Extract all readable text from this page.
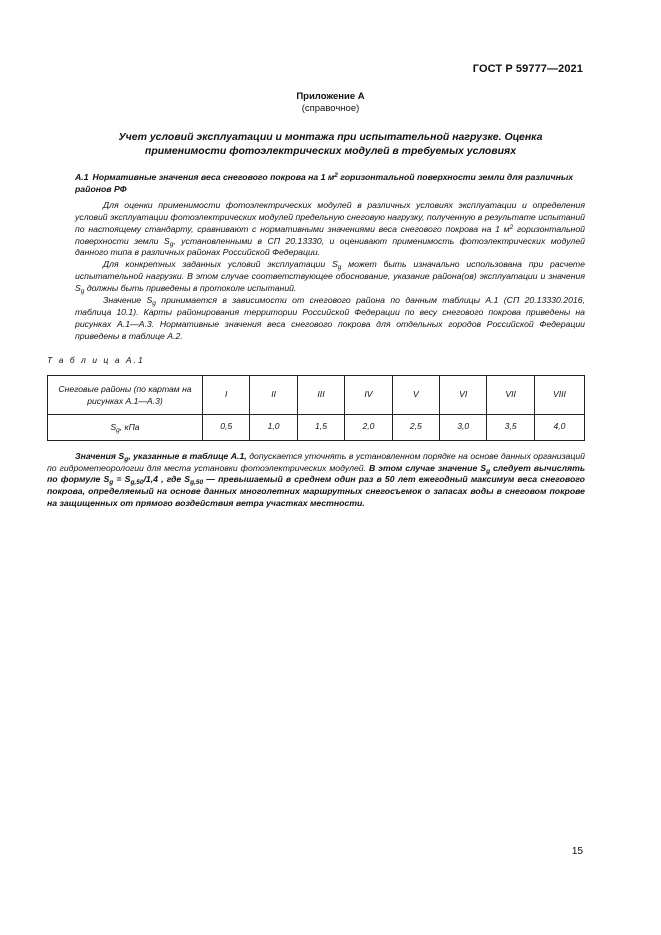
ГОСТ Р 59777—2021
Приложение А
(справочное)
Учет условий эксплуатации и монтажа при испытательной нагрузке. Оценка применимости фотоэлектрических модулей в требуемых условиях
А.1 Нормативные значения веса снегового покрова на 1 $м^2$ горизонтальной поверхности земли для различных районов РФ

Для оценки применимости фотоэлектрических модулей в различных условиях эксплуатации и определения условий эксплуатации фотоэлектрических модулей предельную снеговую нагрузку, полученную в результате испытаний по настоящему стандарту, сравнивают с нормативными значениями веса снегового покрова на 1 $м^2$ горизонтальной поверхности земли $S_g$, установленными в СП 20.13330, и оценивают применимость фотоэлектрических модулей данного типа в различных районах Российской Федерации.

Для конкретных заданных условий эксплуатации $S_g$ может быть изначально использована при расчете испытательной нагрузки. В этом случае соответствующее обоснование, указание района(ов) эксплуатации и значения $S_g$ должны быть приведены в протоколе испытаний.

Значение $S_g$ принимается в зависимости от снегового района по данным таблицы А.1 (СП 20.13330.2016, таблица 10.1). Карты районирования территории Российской Федерации по весу снегового покрова приведены на рисунках А.1—А.3. Нормативные значения веса снегового покрова для отдельных городов Российской Федерации приведены в таблице А.2.

Т а б л и ц а А.1
Снеговые районы (по картам на рисунках А.1—А.3)	I	II	III	IV	V	VI	VII	VIII
$S_g$, кПа	0,5	1,0	1,5	2,0	2,5	3,0	3,5	4,0

Значения $S_g$, указанные в таблице А.1, допускается уточнять в установленном порядке на основе данных организаций по гидрометеорологии для места установки фотоэлектрических модулей. В этом случае значение $S_g$ следует вычислять по формуле $S_g = S_{g,50}/1,4$ , где $S_{g,50}$ — превышаемый в среднем один раз в 50 лет ежегодный максимум веса снегового покрова, определяемый на основе данных многолетних маршрутных снегосъемок о запасах воды в снеговом покрове на защищенных от прямого воздействия ветра участках местности.

15
